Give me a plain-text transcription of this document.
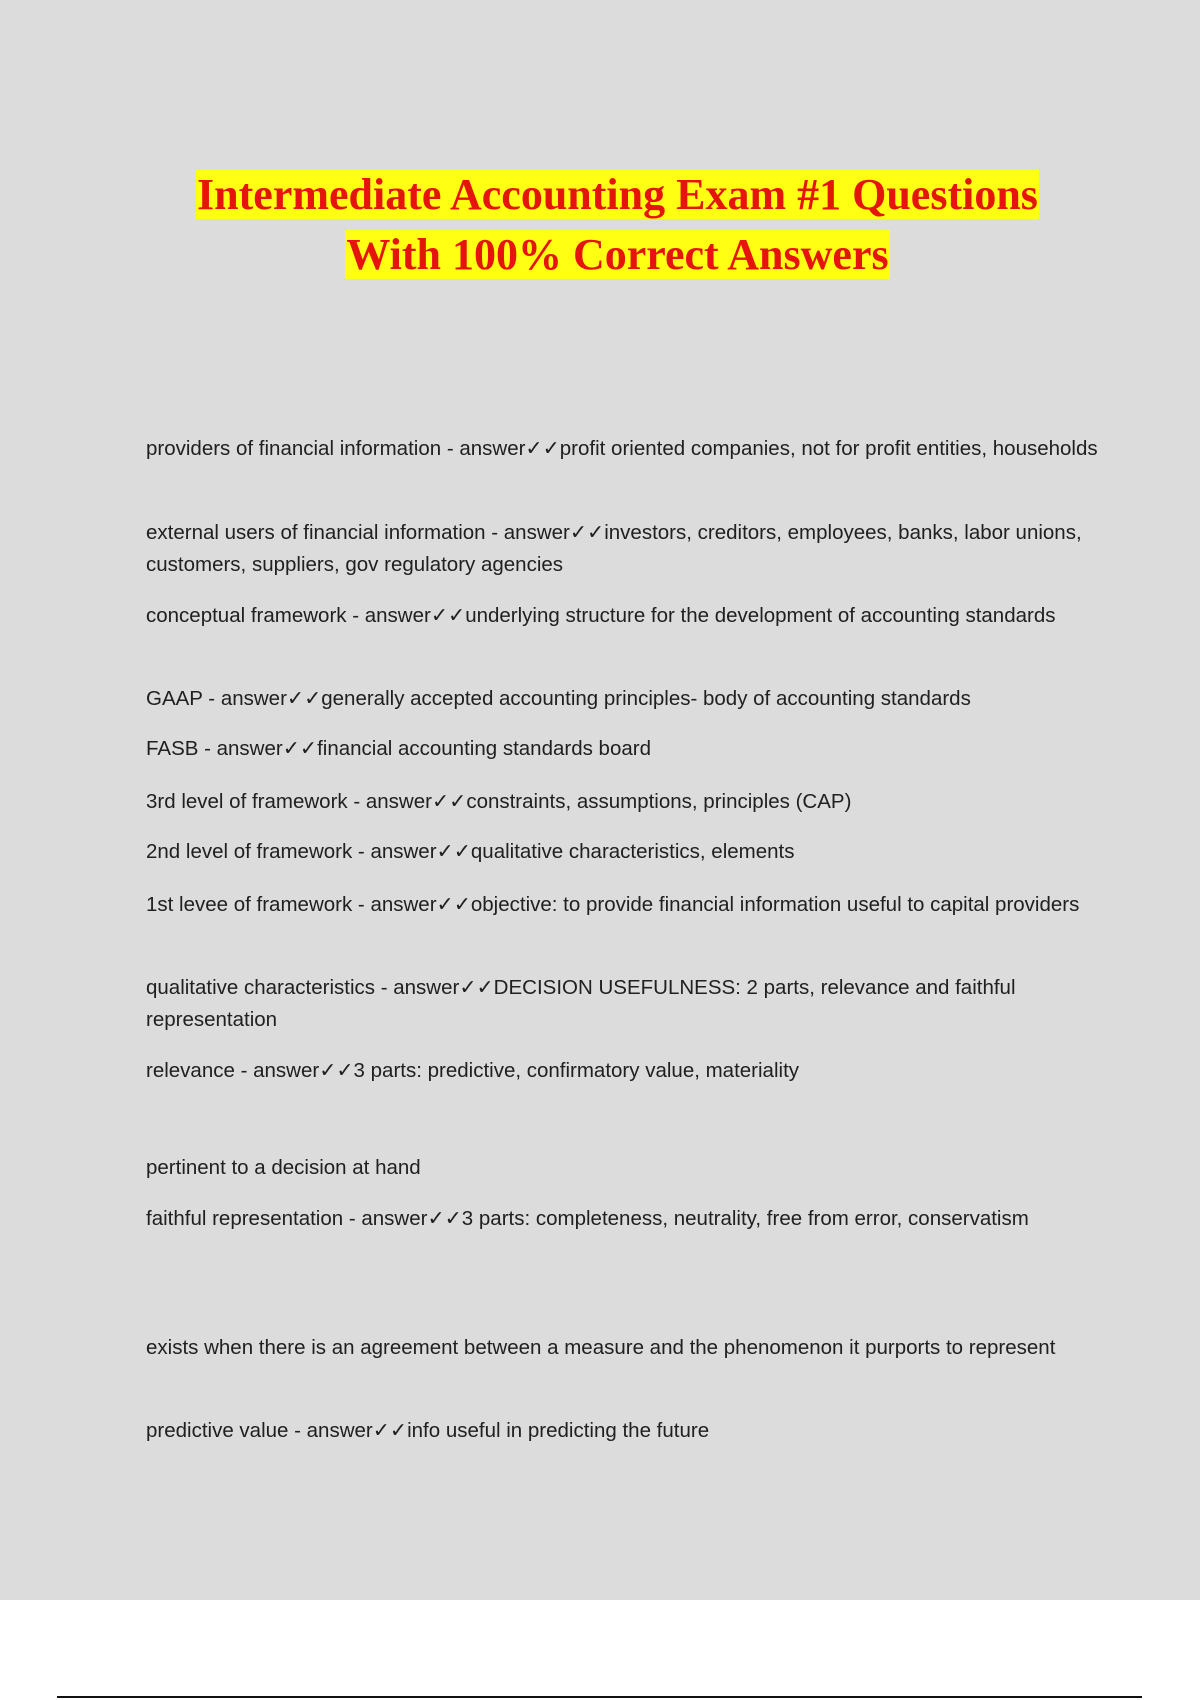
Intermediate Accounting Exam #1 Questions
With 100% Correct Answers

providers of financial information - answer✓✓profit oriented companies, not for profit entities, households

external users of financial information - answer✓✓investors, creditors, employees, banks, labor unions, customers, suppliers, gov regulatory agencies

conceptual framework - answer✓✓underlying structure for the development of accounting standards

GAAP - answer✓✓generally accepted accounting principles- body of accounting standards

FASB - answer✓✓financial accounting standards board

3rd level of framework - answer✓✓constraints, assumptions, principles (CAP)

2nd level of framework - answer✓✓qualitative characteristics, elements

1st levee of framework - answer✓✓objective: to provide financial information useful to capital providers

qualitative characteristics - answer✓✓DECISION USEFULNESS: 2 parts, relevance and faithful representation

relevance - answer✓✓3 parts: predictive, confirmatory value, materiality

pertinent to a decision at hand

faithful representation - answer✓✓3 parts: completeness, neutrality, free from error, conservatism

exists when there is an agreement between a measure and the phenomenon it purports to represent

predictive value - answer✓✓info useful in predicting the future
